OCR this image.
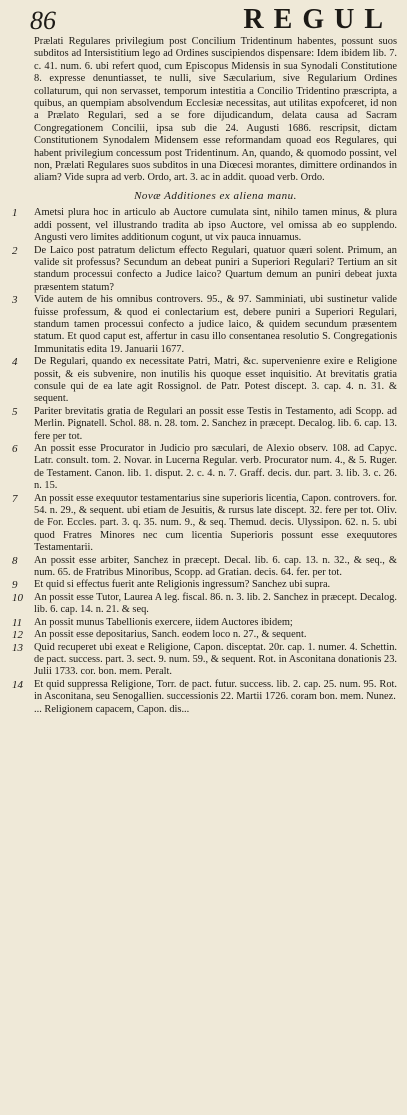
86	REGUL

Prælati Regulares privilegium post Concilium Tridentinum habentes, possunt suos subditos ad Intersistitium lego ad Ordines suscipiendos dispensare: Idem ibidem lib. 7. c. 41. num. 6. ubi refert quod, cum Episcopus Midensis in sua Synodali Constitutione 8. expresse denuntiasset, te nulli, sive Sæcularium, sive Regularium Ordines collaturum, qui non servasset, temporum intestitia a Concilio Tridentino præscripta, a quibus, an quempiam absolvendum Ecclesiæ necessitas, aut utilitas expofceret, id non a Prælato Regulari, sed a se fore dijudicandum, delata causa ad Sacram Congregationem Concilii, ipsa sub die 24. Augusti 1686. rescripsit, dictam Constitutionem Synodalem Midensem esse reformandam quoad eos Regulares, qui habent privilegium concessum post Tridentinum. An, quando, & quomodo possint, vel non, Prælati Regulares suos subditos in una Diœcesi morantes, dimittere ordinandos in aliam? Vide supra ad verb. Ordo, art. 3. ac in addit. quoad verb. Ordo.

Novæ Additiones ex aliena manu.

1 Ametsi plura hoc in articulo ab Auctore cumulata sint, nihilo tamen minus, & plura addi possent, vel illustrando tradita ab ipso Auctore, vel omissa ab eo supplendo. Angusti vero limites additionum cogunt, ut vix pauca innuamus.

2 De Laico post patratum delictum effecto Regulari, quatuor quæri solent. Primum, an valide sit professus? Secundum an debeat puniri a Superiori Regulari? Tertium an sit standum processui confecto a Judice laico? Quartum demum an puniri debeat juxta præsentem statum?

3 Vide autem de his omnibus controvers. 95., & 97. Samminiati, ubi sustinetur valide fuisse professum, & quod ei conlectarium est, debere puniri a Superiori Regulari, standum tamen processui confecto a judice laico, & quidem secundum præsentem statum. Et quod caput est, affertur in casu illo consentanea resolutio S. Congregationis Immunitatis edita 19. Januarii 1677.

4 De Regulari, quando ex necessitate Patri, Matri, &c. supervenienre exire e Religione possit, & eis subvenire, non inutilis his quoque esset inquisitio. At brevitatis gratia consule qui de ea late agit Rossignol. de Patr. Potest discept. 3. cap. 4. n. 31. & sequent.

5 Pariter brevitatis gratia de Regulari an possit esse Testis in Testamento, adi Scopp. ad Merlin. Pignatell. Schol. 88. n. 28. tom. 2. Sanchez in præcept. Decalog. lib. 6. cap. 13. fere per tot.

6 An possit esse Procurator in Judicio pro sæculari, de Alexio observ. 108. ad Capyc. Latr. consult. tom. 2. Novar. in Lucerna Regular. verb. Procurator num. 4., & 5. Ruger. de Testament. Canon. lib. 1. disput. 2. c. 4. n. 7. Graff. decis. dur. part. 3. lib. 3. c. 26. n. 15.

7 An possit esse exequutor testamentarius sine superioris licentia, Capon. controvers. for. 54. n. 29., & sequent. ubi etiam de Jesuitis, & rursus late discept. 32. fere per tot. Oliv. de For. Eccles. part. 3. q. 35. num. 9., & seq. Themud. decis. Ulyssipon. 62. n. 5. ubi quod Fratres Minores nec cum licentia Superioris possunt esse exequutores Testamentarii.

8 An possit esse arbiter, Sanchez in præcept. Decal. lib. 6. cap. 13. n. 32., & seq., & num. 65. de Fratribus Minoribus, Scopp. ad Gratian. decis. 64. fer. per tot.

9 Et quid si effectus fuerit ante Religionis ingressum? Sanchez ubi supra.

10 An possit esse Tutor, Laurea A leg. fiscal. 86. n. 3. lib. 2. Sanchez in præcept. Decalog. lib. 6. cap. 14. n. 21. & seq.

11 An possit munus Tabellionis exercere, iidem Auctores ibidem;

12 An possit esse depositarius, Sanch. eodem loco n. 27., & sequent.

13 Quid recuperet ubi exeat e Religione, Capon. disceptat. 20r. cap. 1. numer. 4. Schettin. de pact. success. part. 3. sect. 9. num. 59., & sequent. Rot. in Asconitana donationis 23. Julii 1733. cor. bon. mem. Peralt.

14 Et quid suppressa Religione, Torr. de pact. futur. success. lib. 2. cap. 25. num. 95. Rot. in Asconitana, seu Senogallien. successionis 22. Martii 1726. coram bon. mem. Nunez.

... Religionem capacem, Capon. dis...
